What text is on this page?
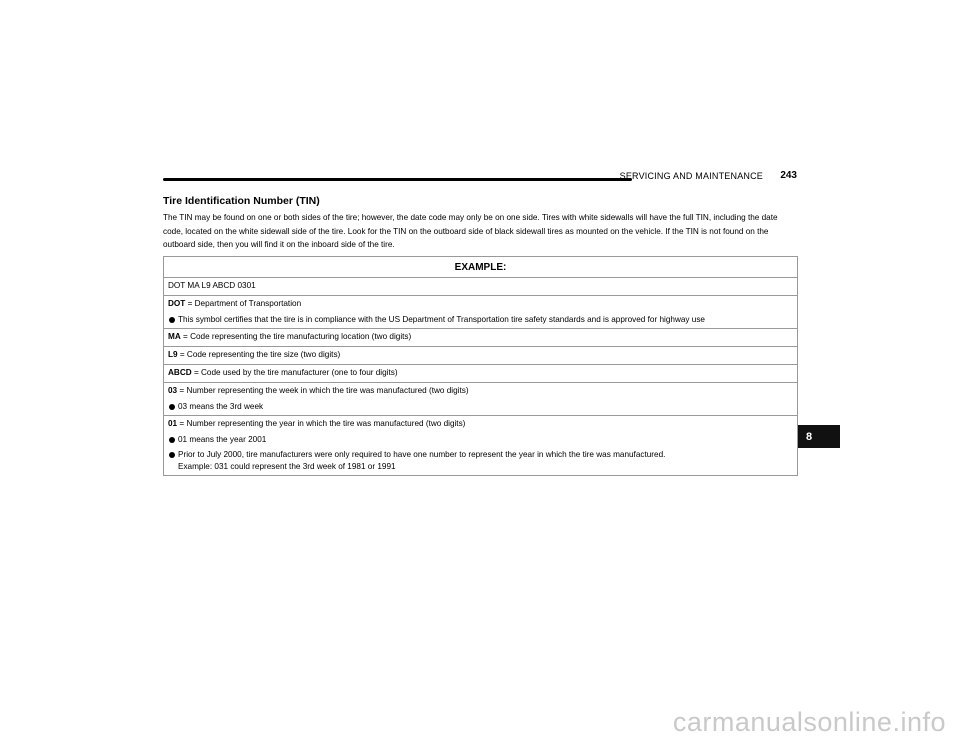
SERVICING AND MAINTENANCE 243
Tire Identification Number (TIN)
The TIN may be found on one or both sides of the tire; however, the date code may only be on one side. Tires with white sidewalls will have the full TIN, including the date code, located on the white sidewall side of the tire. Look for the TIN on the outboard side of black sidewall tires as mounted on the vehicle. If the TIN is not found on the outboard side, then you will find it on the inboard side of the tire.
EXAMPLE:
DOT MA L9 ABCD 0301
DOT = Department of Transportation
This symbol certifies that the tire is in compliance with the US Department of Transportation tire safety standards and is approved for highway use
MA = Code representing the tire manufacturing location (two digits)
L9 = Code representing the tire size (two digits)
ABCD = Code used by the tire manufacturer (one to four digits)
03 = Number representing the week in which the tire was manufactured (two digits)
03 means the 3rd week
01 = Number representing the year in which the tire was manufactured (two digits)
01 means the year 2001
Prior to July 2000, tire manufacturers were only required to have one number to represent the year in which the tire was manufactured.
Example: 031 could represent the 3rd week of 1981 or 1991
8
carmanualsonline.info
